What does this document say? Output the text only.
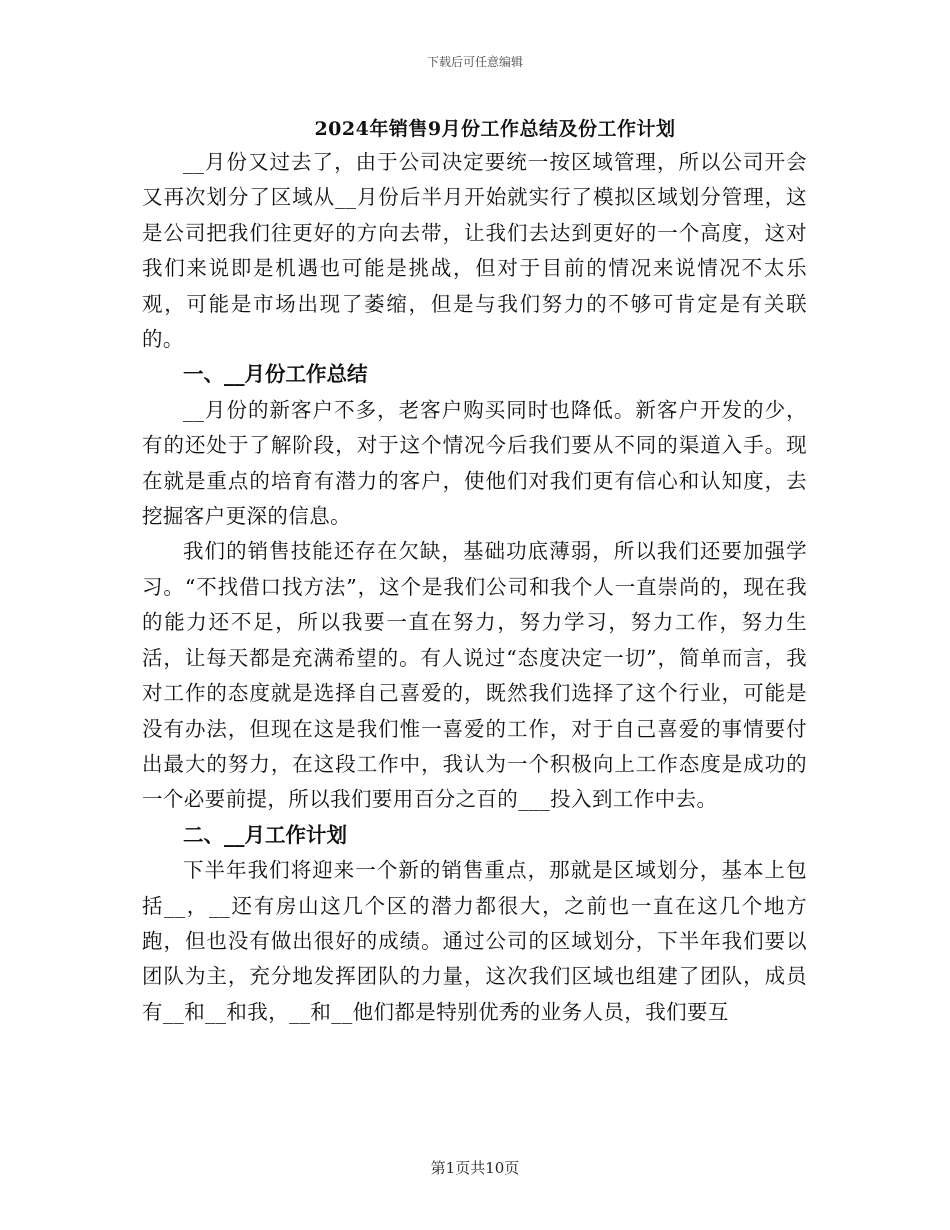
下载后可任意编辑
2024年销售9月份工作总结及份工作计划

__月份又过去了，由于公司决定要统一按区域管理，所以公司开会又再次划分了区域从__月份后半月开始就实行了模拟区域划分管理，这是公司把我们往更好的方向去带，让我们去达到更好的一个高度，这对我们来说即是机遇也可能是挑战，但对于目前的情况来说情况不太乐观，可能是市场出现了萎缩，但是与我们努力的不够可肯定是有关联的。

一、__月份工作总结

__月份的新客户不多，老客户购买同时也降低。新客户开发的少，有的还处于了解阶段，对于这个情况今后我们要从不同的渠道入手。现在就是重点的培育有潜力的客户，使他们对我们更有信心和认知度，去挖掘客户更深的信息。

我们的销售技能还存在欠缺，基础功底薄弱，所以我们还要加强学习。“不找借口找方法”，这个是我们公司和我个人一直崇尚的，现在我的能力还不足，所以我要一直在努力，努力学习，努力工作，努力生活，让每天都是充满希望的。有人说过“态度决定一切”，简单而言，我对工作的态度就是选择自己喜爱的，既然我们选择了这个行业，可能是没有办法，但现在这是我们惟一喜爱的工作，对于自己喜爱的事情要付出最大的努力，在这段工作中，我认为一个积极向上工作态度是成功的一个必要前提，所以我们要用百分之百的___投入到工作中去。

二、__月工作计划

下半年我们将迎来一个新的销售重点，那就是区域划分，基本上包括__，__还有房山这几个区的潜力都很大，之前也一直在这几个地方跑，但也没有做出很好的成绩。通过公司的区域划分，下半年我们要以团队为主，充分地发挥团队的力量，这次我们区域也组建了团队，成员有__和__和我，__和__他们都是特别优秀的业务人员，我们要互

第1页共10页
